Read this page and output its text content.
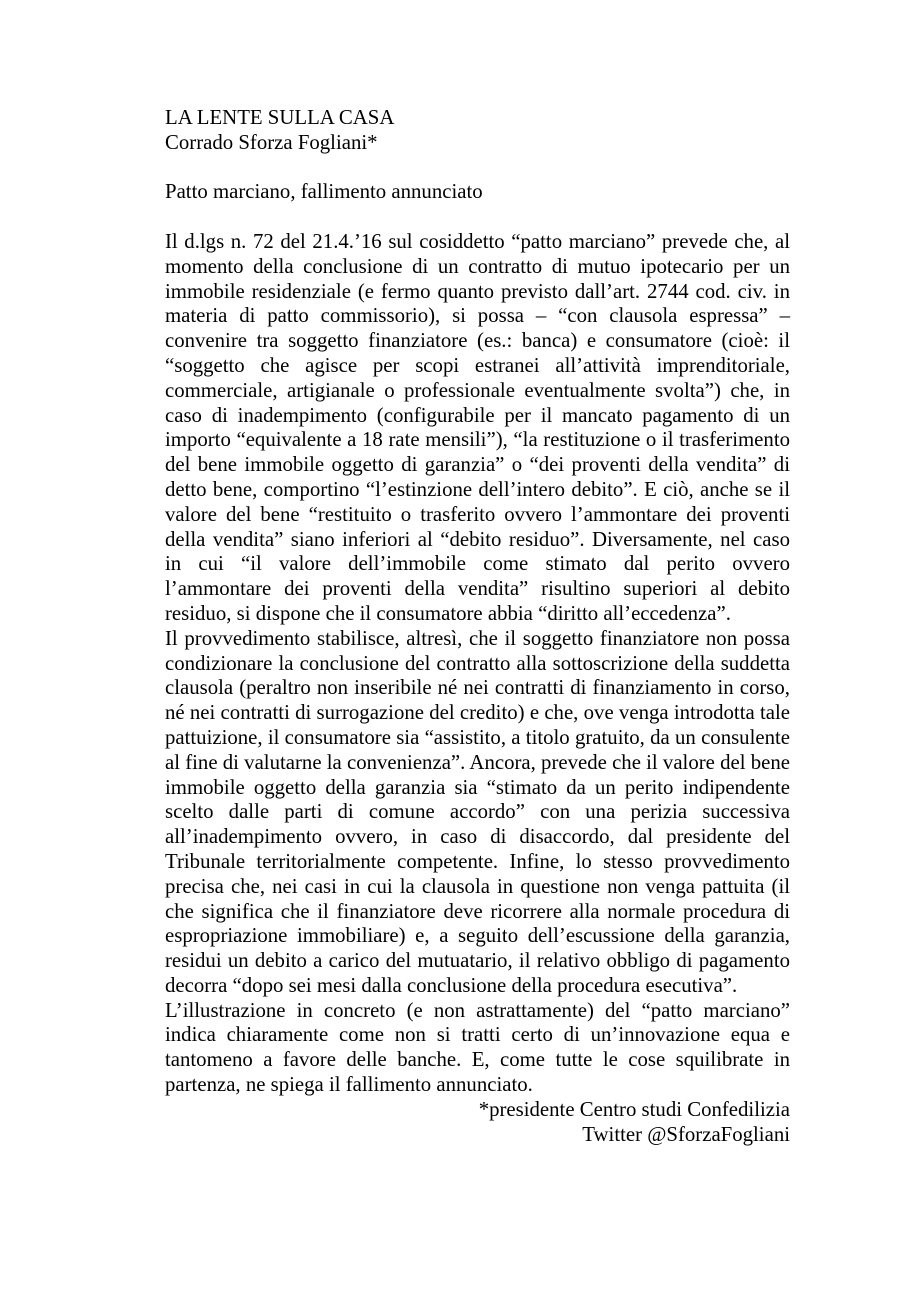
LA LENTE SULLA CASA
Corrado Sforza Fogliani*
Patto marciano, fallimento annunciato

Il d.lgs n. 72 del 21.4.’16 sul cosiddetto “patto marciano” prevede che, al momento della conclusione di un contratto di mutuo ipotecario per un immobile residenziale (e fermo quanto previsto dall’art. 2744 cod. civ. in materia di patto commissorio), si possa – “con clausola espressa” – convenire tra soggetto finanziatore (es.: banca) e consumatore (cioè: il “soggetto che agisce per scopi estranei all’attività imprenditoriale, commerciale, artigianale o professionale eventualmente svolta”) che, in caso di inadempimento (configurabile per il mancato pagamento di un importo “equivalente a 18 rate mensili”), “la restituzione o il trasferimento del bene immobile oggetto di garanzia” o “dei proventi della vendita” di detto bene, comportino “l’estinzione dell’intero debito”. E ciò, anche se il valore del bene “restituito o trasferito ovvero l’ammontare dei proventi della vendita” siano inferiori al “debito residuo”. Diversamente, nel caso in cui “il valore dell’immobile come stimato dal perito ovvero l’ammontare dei proventi della vendita” risultino superiori al debito residuo, si dispone che il consumatore abbia “diritto all’eccedenza”.

Il provvedimento stabilisce, altresì, che il soggetto finanziatore non possa condizionare la conclusione del contratto alla sottoscrizione della suddetta clausola (peraltro non inseribile né nei contratti di finanziamento in corso, né nei contratti di surrogazione del credito) e che, ove venga introdotta tale pattuizione, il consumatore sia “assistito, a titolo gratuito, da un consulente al fine di valutarne la convenienza”. Ancora, prevede che il valore del bene immobile oggetto della garanzia sia “stimato da un perito indipendente scelto dalle parti di comune accordo” con una perizia successiva all’inadempimento ovvero, in caso di disaccordo, dal presidente del Tribunale territorialmente competente. Infine, lo stesso provvedimento precisa che, nei casi in cui la clausola in questione non venga pattuita (il che significa che il finanziatore deve ricorrere alla normale procedura di espropriazione immobiliare) e, a seguito dell’escussione della garanzia, residui un debito a carico del mutuatario, il relativo obbligo di pagamento decorra “dopo sei mesi dalla conclusione della procedura esecutiva”.

L’illustrazione in concreto (e non astrattamente) del “patto marciano” indica chiaramente come non si tratti certo di un’innovazione equa e tantomeno a favore delle banche. E, come tutte le cose squilibrate in partenza, ne spiega il fallimento annunciato.

*presidente Centro studi Confedilizia
Twitter @SforzaFogliani
